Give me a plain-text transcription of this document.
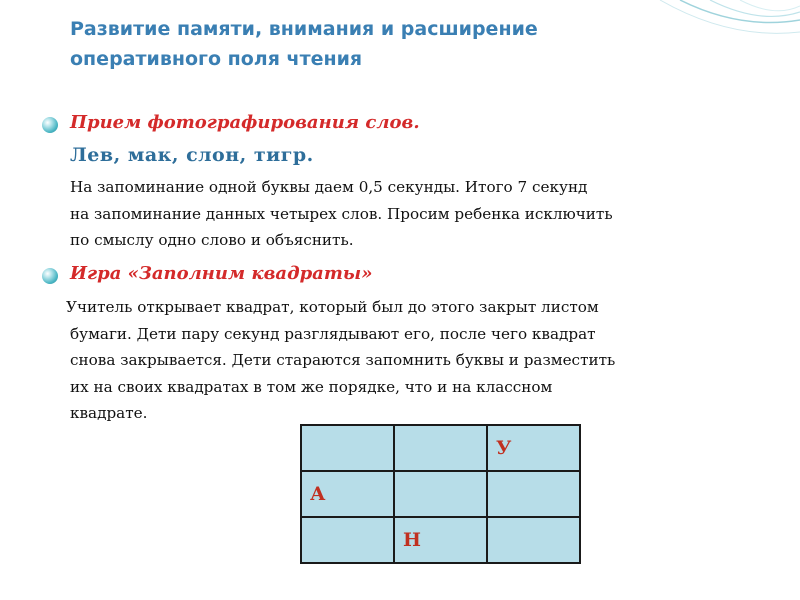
Развитие памяти, внимания и расширение
оперативного поля чтения
Прием фотографирования слов.
Лев, мак, слон, тигр.
На запоминание одной буквы даем 0,5 секунды. Итого 7 секунд
на запоминание данных четырех слов. Просим ребенка исключить
по смыслу одно слово и объяснить.
Игра «Заполним квадраты»
Учитель открывает квадрат, который был до этого закрыт листом
бумаги. Дети пару секунд разглядывают его, после чего квадрат
снова закрывается. Дети стараются запомнить буквы и разместить
их на своих квадратах в том же порядке, что и на классном
квадрате.
		У
А		
	Н	
